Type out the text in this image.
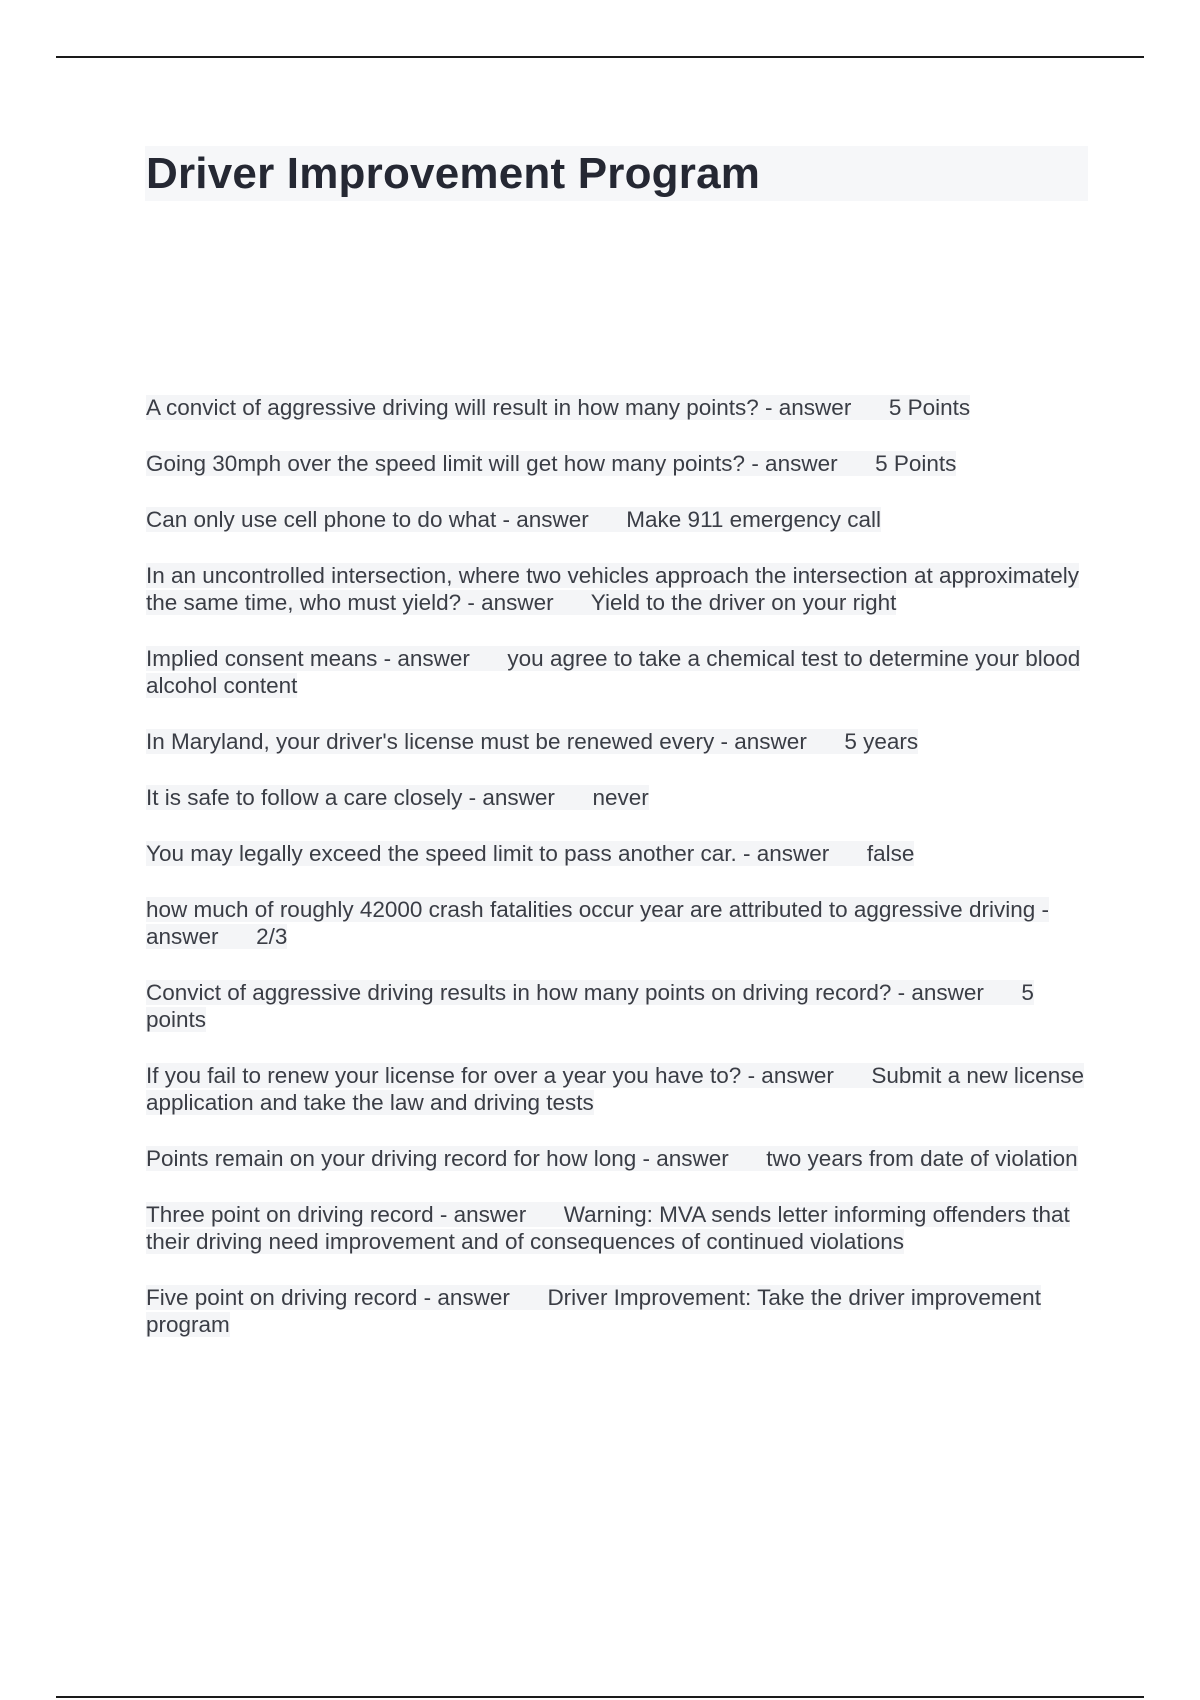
Driver Improvement Program
A convict of aggressive driving will result in how many points? - answer 5 Points
Going 30mph over the speed limit will get how many points? - answer 5 Points
Can only use cell phone to do what - answer Make 911 emergency call
In an uncontrolled intersection, where two vehicles approach the intersection at approximately the same time, who must yield? - answer Yield to the driver on your right
Implied consent means - answer you agree to take a chemical test to determine your blood alcohol content
In Maryland, your driver's license must be renewed every - answer 5 years
It is safe to follow a care closely - answer never
You may legally exceed the speed limit to pass another car. - answer false
how much of roughly 42000 crash fatalities occur year are attributed to aggressive driving - answer 2/3
Convict of aggressive driving results in how many points on driving record? - answer 5 points
If you fail to renew your license for over a year you have to? - answer Submit a new license application and take the law and driving tests
Points remain on your driving record for how long - answer two years from date of violation
Three point on driving record - answer Warning: MVA sends letter informing offenders that their driving need improvement and of consequences of continued violations
Five point on driving record - answer Driver Improvement: Take the driver improvement program
